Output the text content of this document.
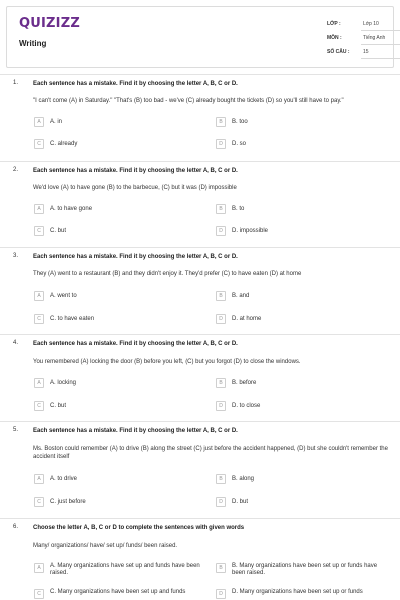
QUIZIZZ
Writing
LỚP :	Lớp 10
MÔN :	Tiếng Anh
SỐ CÂU :	15
1. Each sentence has a mistake. Find it by choosing the letter A, B, C or D.
"I can't come (A) in Saturday." "That's (B) too bad - we've (C) already bought the tickets (D) so you'll still have to pay."
A	A. in	B	B. too
C	C. already	D	D. so
2. Each sentence has a mistake. Find it by choosing the letter A, B, C or D.
We'd love (A) to have gone (B) to the barbecue, (C) but it was (D) impossible
A	A. to have gone	B	B. to
C	C. but	D	D. impossible
3. Each sentence has a mistake. Find it by choosing the letter A, B, C or D.
They (A) went to a restaurant (B) and they didn't enjoy it. They'd prefer (C) to have eaten (D) at home
A	A. went to	B	B. and
C	C. to have eaten	D	D. at home
4. Each sentence has a mistake. Find it by choosing the letter A, B, C or D.
You remembered (A) locking the door (B) before you left, (C) but you forgot (D) to close the windows.
A	A. locking	B	B. before
C	C. but	D	D. to close
5. Each sentence has a mistake. Find it by choosing the letter A, B, C or D.
Ms. Boston could remember (A) to drive (B) along the street (C) just before the accident happened, (D) but she couldn't remember the accident itself
A	A. to drive	B	B. along
C	C. just before	D	D. but
6. Choose the letter A, B, C or D to complete the sentences with given words
Many/ organizations/ have/ set up/ funds/ been raised.
A	A. Many organizations have set up and funds have been raised.
B	B. Many organizations have been set up or funds have been raised.
C	C. Many organizations have been set up and funds	D	D. Many organizations have been set up or funds
